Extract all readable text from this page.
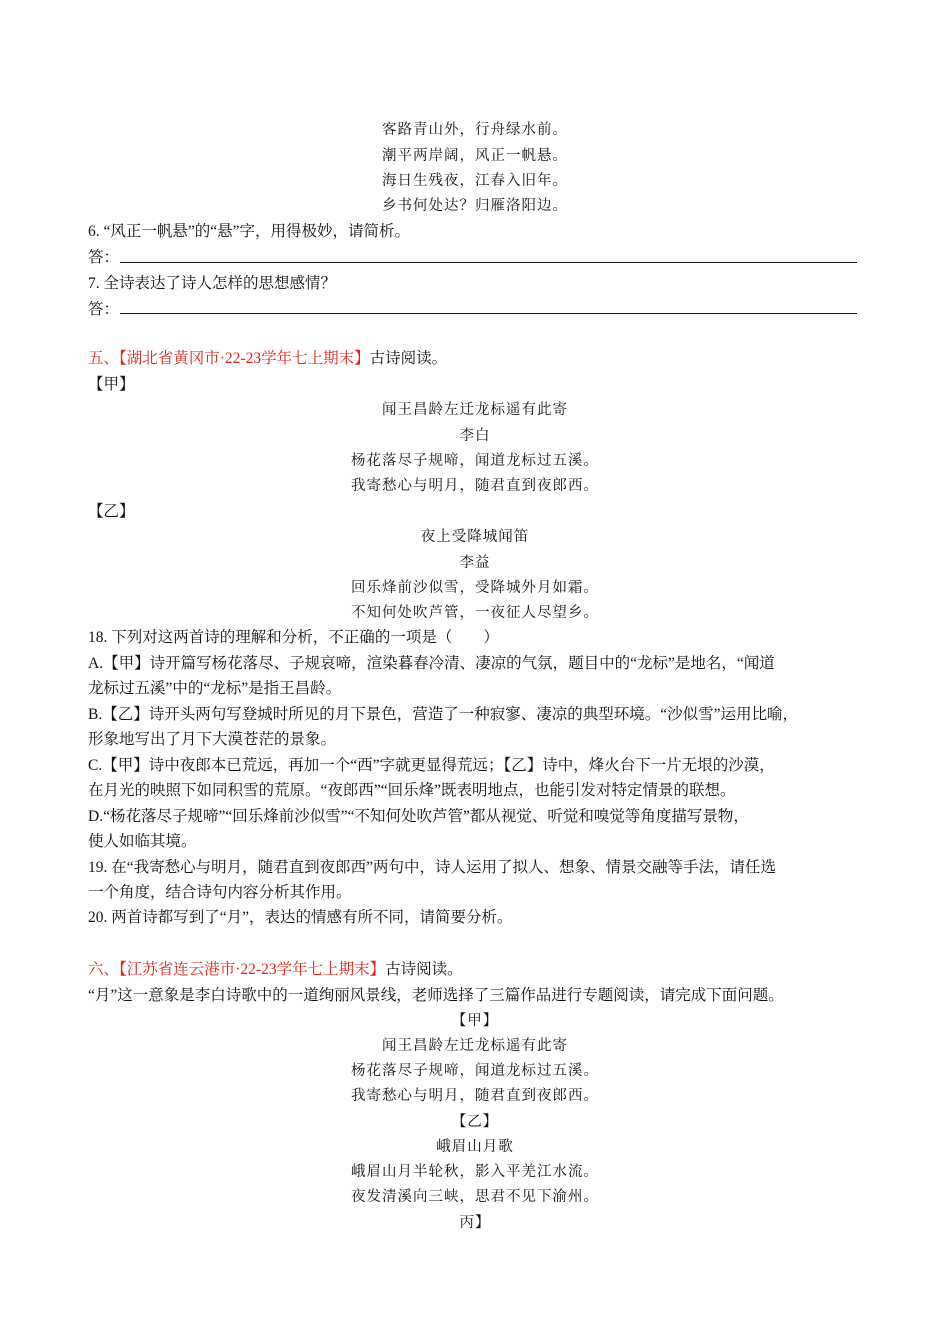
客路青山外，行舟绿水前。
潮平两岸阔，风正一帆悬。
海日生残夜，江春入旧年。
乡书何处达？归雁洛阳边。
6. “风正一帆悬”的“悬”字，用得极妙，请简析。
答：
7. 全诗表达了诗人怎样的思想感情？
答：
五、【湖北省黄冈市·22-23学年七上期末】古诗阅读。
【甲】
闻王昌龄左迁龙标遥有此寄
李白
杨花落尽子规啼，闻道龙标过五溪。
我寄愁心与明月，随君直到夜郎西。
【乙】
夜上受降城闻笛
李益
回乐烽前沙似雪，受降城外月如霜。
不知何处吹芦管，一夜征人尽望乡。
18. 下列对这两首诗的理解和分析，不正确的一项是（　　）
A.【甲】诗开篇写杨花落尽、子规哀啼，渲染暮春冷清、凄凉的气氛，题目中的“龙标”是地名，“闻道
龙标过五溪”中的“龙标”是指王昌龄。
B.【乙】诗开头两句写登城时所见的月下景色，营造了一种寂寥、凄凉的典型环境。“沙似雪”运用比喻，
形象地写出了月下大漠苍茫的景象。
C.【甲】诗中夜郎本已荒远，再加一个“西”字就更显得荒远；【乙】诗中，烽火台下一片无垠的沙漠，
在月光的映照下如同积雪的荒原。“夜郎西”“回乐烽”既表明地点，也能引发对特定情景的联想。
D.“杨花落尽子规啼”“回乐烽前沙似雪”“不知何处吹芦管”都从视觉、听觉和嗅觉等角度描写景物，
使人如临其境。
19. 在“我寄愁心与明月，随君直到夜郎西”两句中，诗人运用了拟人、想象、情景交融等手法，请任选
一个角度，结合诗句内容分析其作用。
20. 两首诗都写到了“月”，表达的情感有所不同，请简要分析。
六、【江苏省连云港市·22-23学年七上期末】古诗阅读。
“月”这一意象是李白诗歌中的一道绚丽风景线，老师选择了三篇作品进行专题阅读，请完成下面问题。
【甲】
闻王昌龄左迁龙标遥有此寄
杨花落尽子规啼，闻道龙标过五溪。
我寄愁心与明月，随君直到夜郎西。
【乙】
峨眉山月歌
峨眉山月半轮秋，影入平羌江水流。
夜发清溪向三峡，思君不见下渝州。
丙】
